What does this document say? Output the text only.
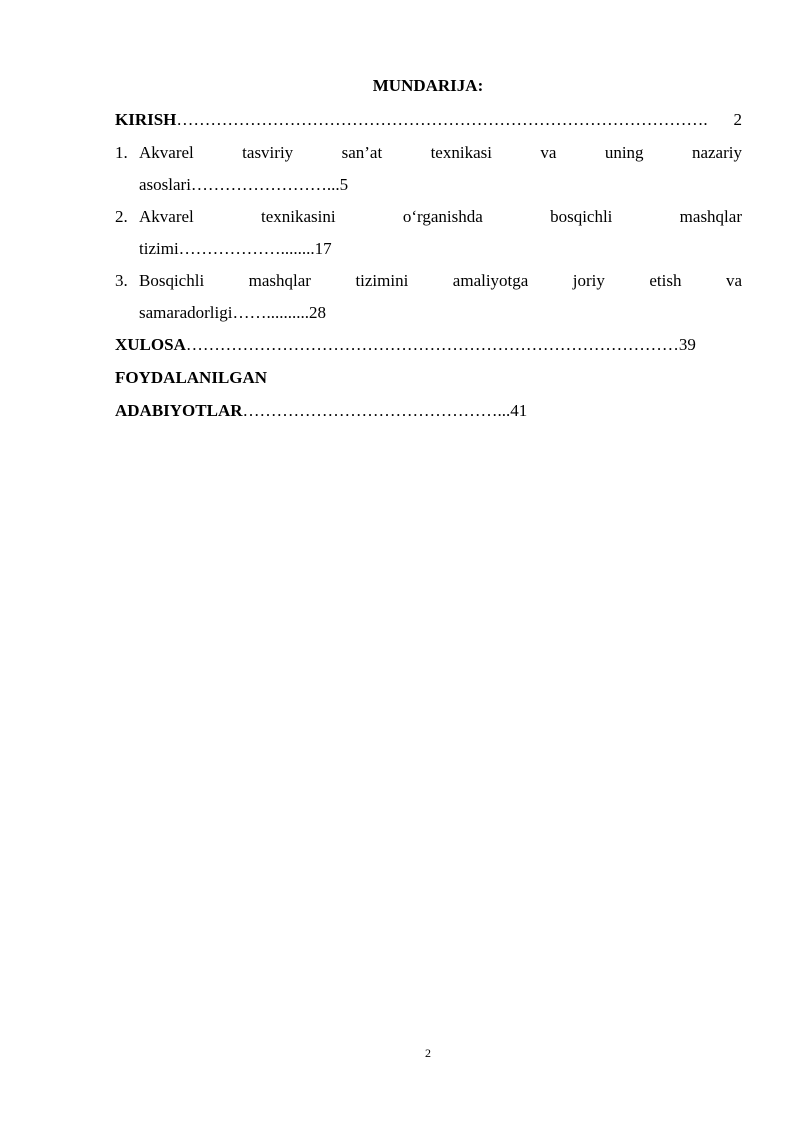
MUNDARIJA:
KIRISH ………………………………………………………………………………….	2
1. Akvarel	tasviriy	san’at	texnikasi	va	uning	nazariy
asoslari……………………...5
2. Akvarel	texnikasini	o‘rganishda	bosqichli	mashqlar
tizimi………………........17
3. Bosqichli	mashqlar	tizimini	amaliyotga	joriy	etish	va
samaradorligi……..........28
XULOSA……………………………………………………………………………39
FOYDALANILGAN
ADABIYOTLAR………………………………………...41
2
